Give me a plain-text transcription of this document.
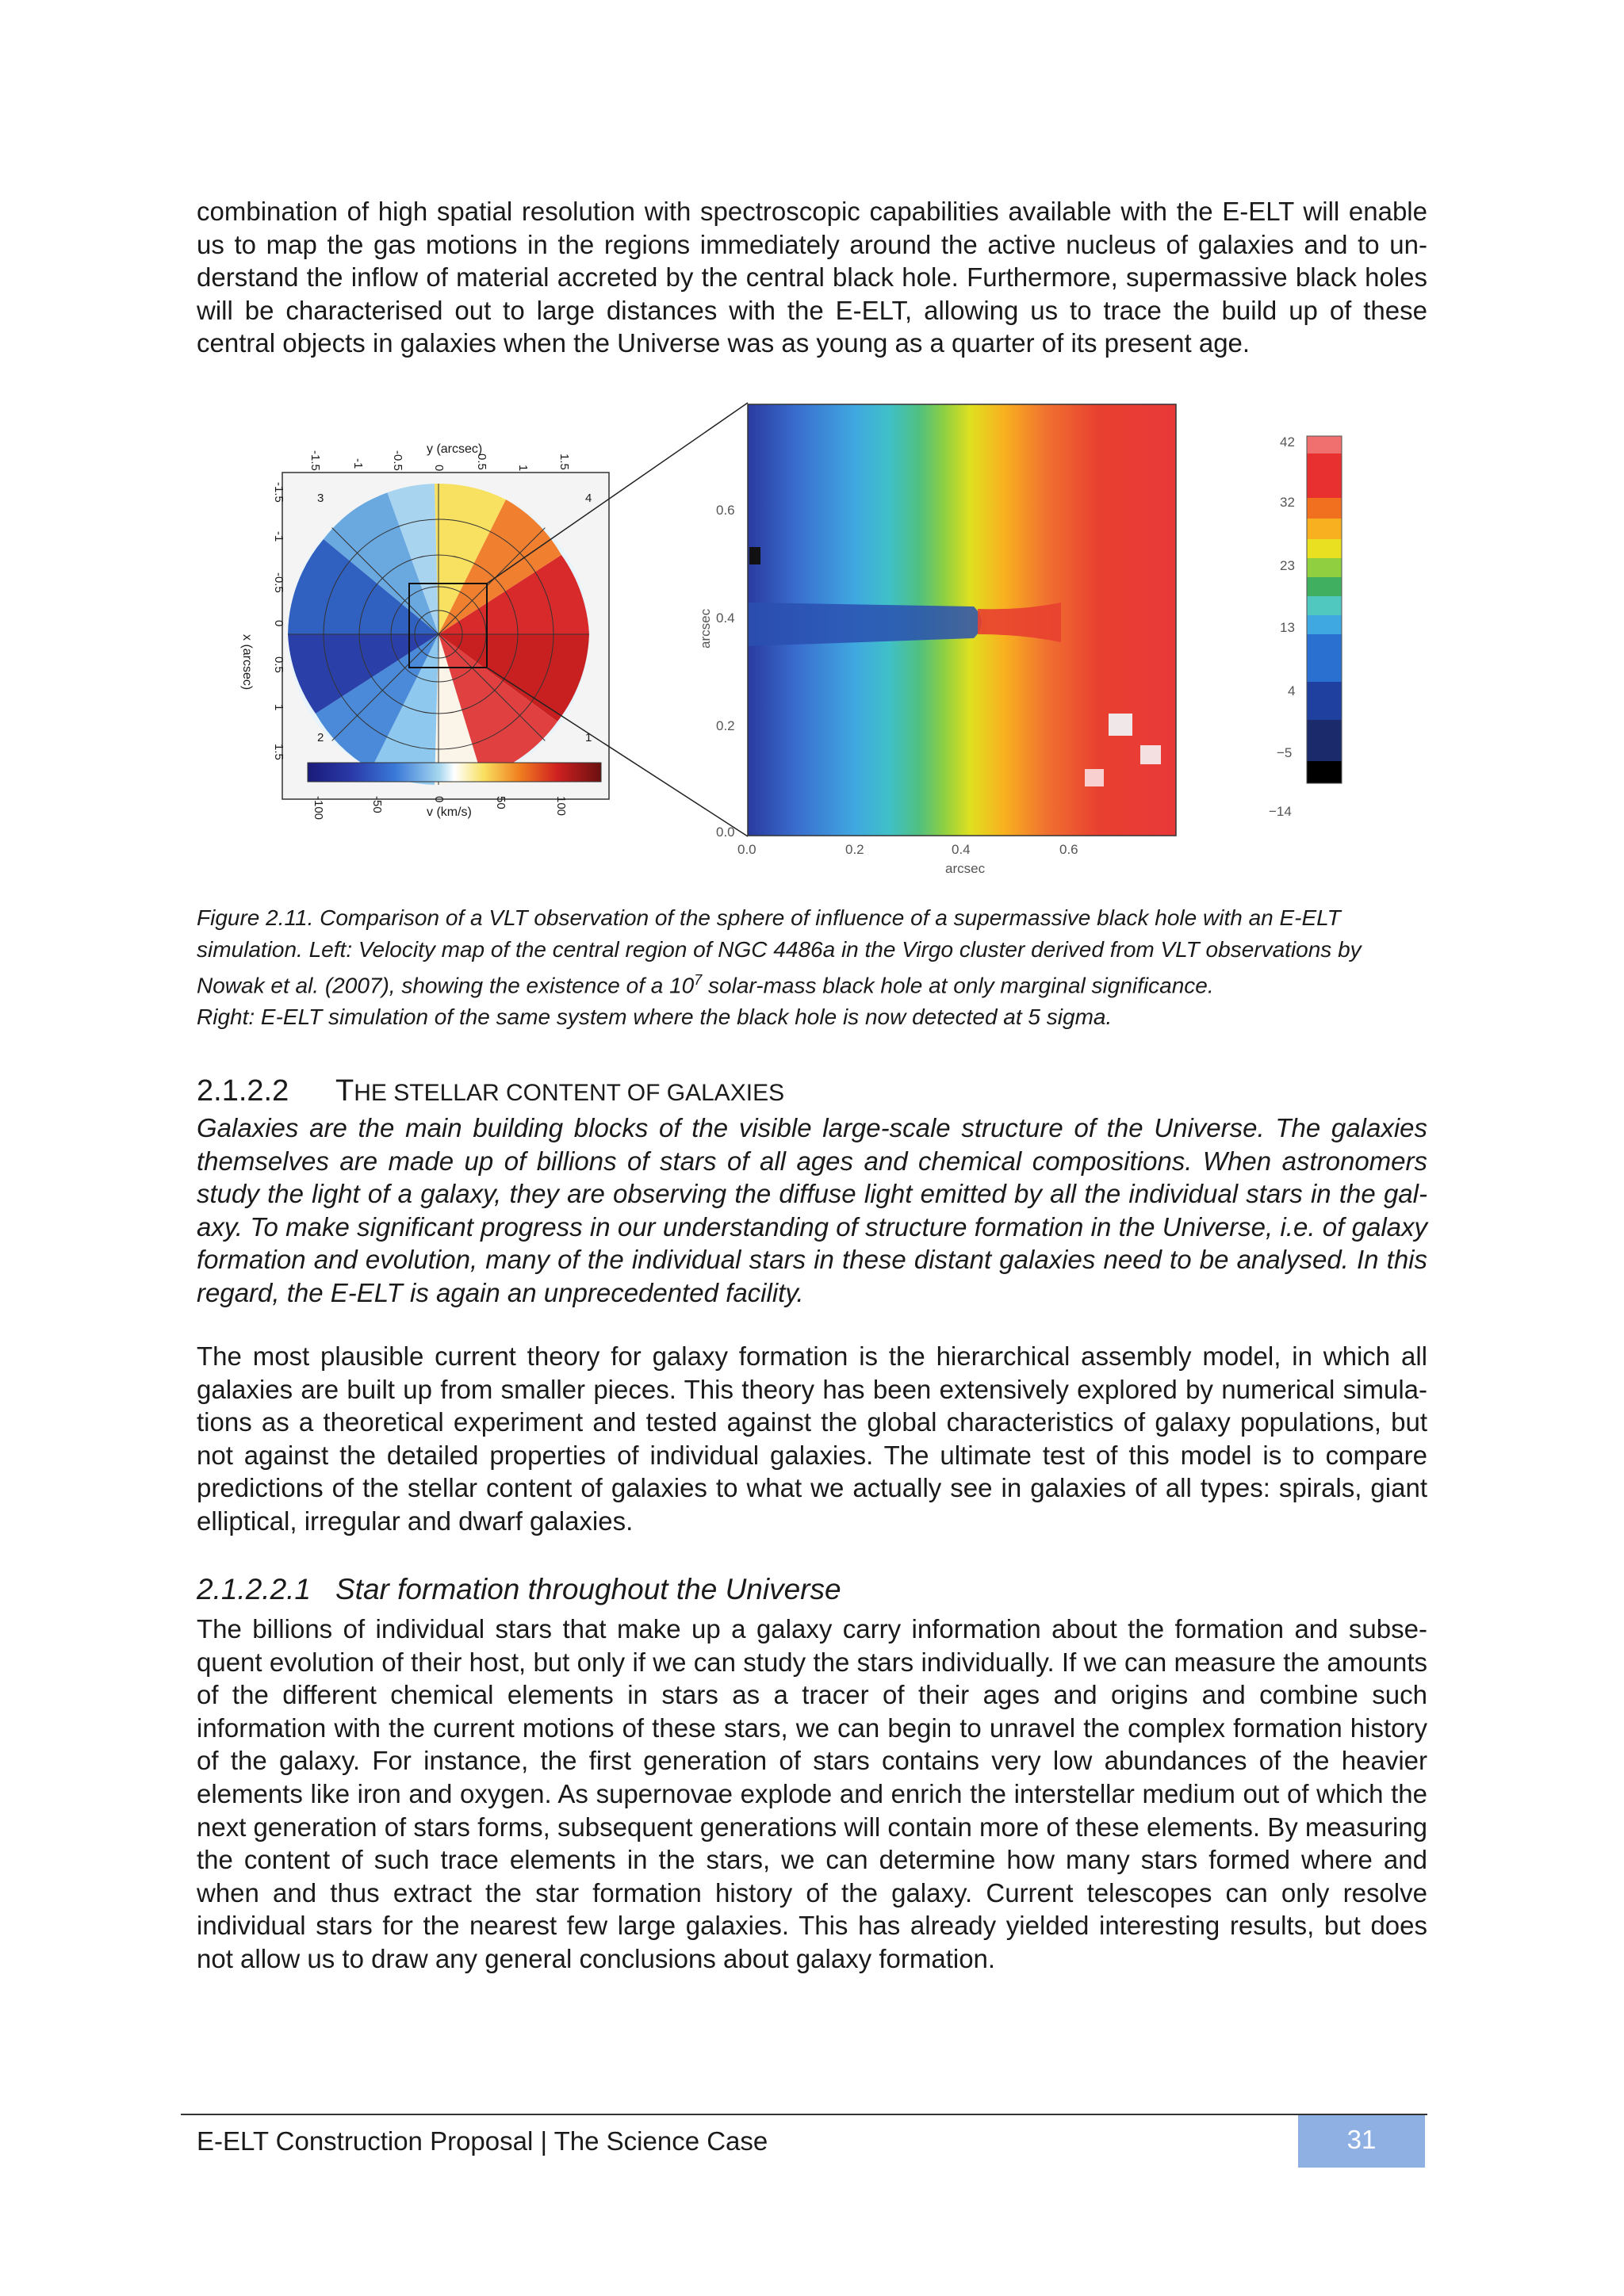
combination of high spatial resolution with spectroscopic capabilities available with the E-ELT will enable us to map the gas motions in the regions immediately around the active nucleus of galaxies and to understand the inflow of material accreted by the central black hole. Furthermore, supermassive black holes will be characterised out to large distances with the E-ELT, allowing us to trace the build up of these central objects in galaxies when the Universe was as young as a quarter of its present age.

y (arcsec)
x (arcsec)
v (km/s)
-100	-50	0	50	100
-1.5 -1 -0.5 0 0.5 1 1.5
-1.5
-1
-0.5
0
0.5
1
1.5
3	4
2	1
0.6
0.4
0.2
0.0
arcsec
0.0	0.2	0.4	0.6
arcsec
42
32
23
13
4
−5
−14

Figure 2.11. Comparison of a VLT observation of the sphere of influence of a supermassive black hole with an E-ELT simulation. Left: Velocity map of the central region of NGC 4486a in the Virgo cluster derived from VLT observations by Nowak et al. (2007), showing the existence of a $10^7$ solar-mass black hole at only marginal significance.

Right: E-ELT simulation of the same system where the black hole is now detected at 5 sigma.

2.1.2.2 THE STELLAR CONTENT OF GALAXIES

Galaxies are the main building blocks of the visible large-scale structure of the Universe. The galaxies themselves are made up of billions of stars of all ages and chemical compositions. When astronomers study the light of a galaxy, they are observing the diffuse light emitted by all the individual stars in the galaxy. To make significant progress in our understanding of structure formation in the Universe, i.e. of galaxy formation and evolution, many of the individual stars in these distant galaxies need to be analysed. In this regard, the E-ELT is again an unprecedented facility.

The most plausible current theory for galaxy formation is the hierarchical assembly model, in which all galaxies are built up from smaller pieces. This theory has been extensively explored by numerical simulations as a theoretical experiment and tested against the global characteristics of galaxy populations, but not against the detailed properties of individual galaxies. The ultimate test of this model is to compare predictions of the stellar content of galaxies to what we actually see in galaxies of all types: spirals, giant elliptical, irregular and dwarf galaxies.

2.1.2.2.1 Star formation throughout the Universe

The billions of individual stars that make up a galaxy carry information about the formation and subsequent evolution of their host, but only if we can study the stars individually. If we can measure the amounts of the different chemical elements in stars as a tracer of their ages and origins and combine such information with the current motions of these stars, we can begin to unravel the complex formation history of the galaxy. For instance, the first generation of stars contains very low abundances of the heavier elements like iron and oxygen. As supernovae explode and enrich the interstellar medium out of which the next generation of stars forms, subsequent generations will contain more of these elements. By measuring the content of such trace elements in the stars, we can determine how many stars formed where and when and thus extract the star formation history of the galaxy. Current telescopes can only resolve individual stars for the nearest few large galaxies. This has already yielded interesting results, but does not allow us to draw any general conclusions about galaxy formation.

E-ELT Construction Proposal | The Science Case	31
